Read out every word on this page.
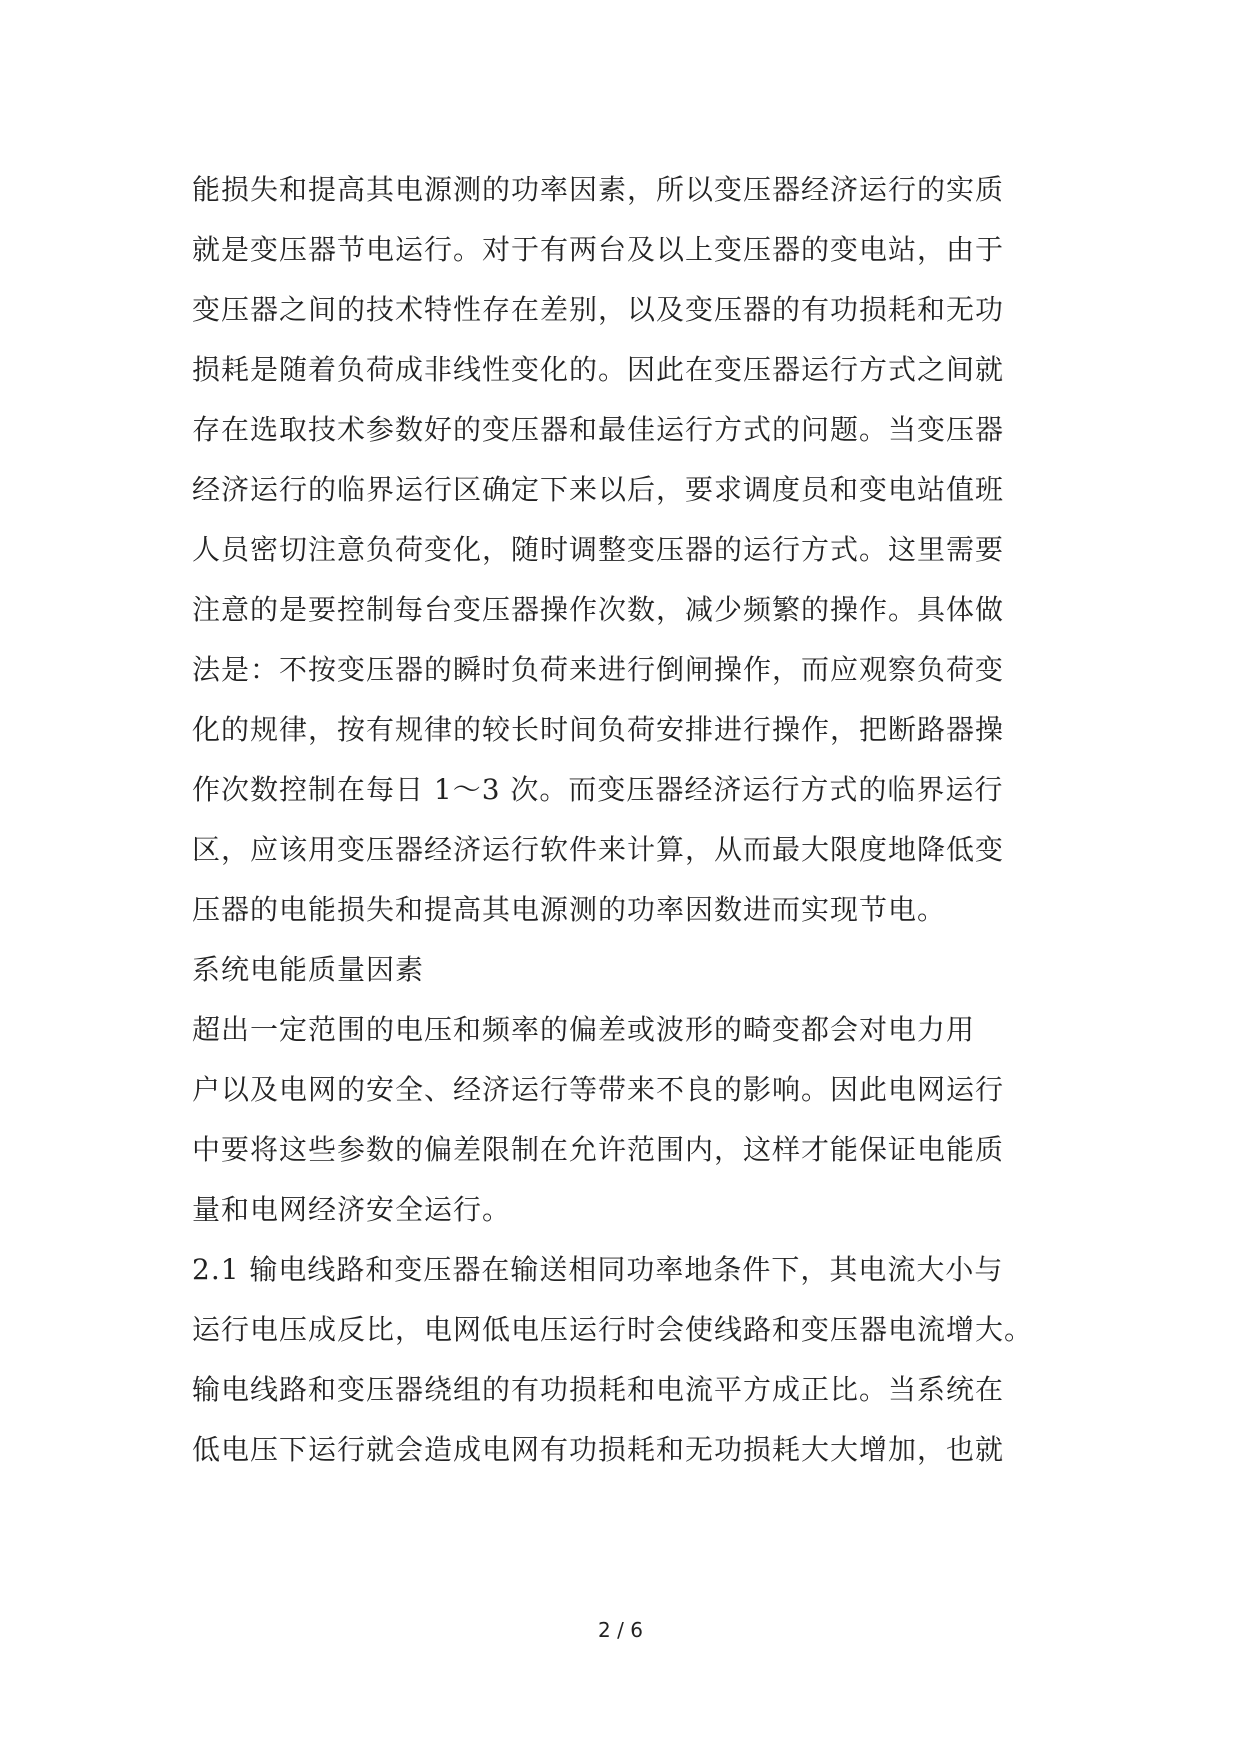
能损失和提高其电源测的功率因素，所以变压器经济运行的实质
就是变压器节电运行。对于有两台及以上变压器的变电站，由于
变压器之间的技术特性存在差别，以及变压器的有功损耗和无功
损耗是随着负荷成非线性变化的。因此在变压器运行方式之间就
存在选取技术参数好的变压器和最佳运行方式的问题。当变压器
经济运行的临界运行区确定下来以后，要求调度员和变电站值班
人员密切注意负荷变化，随时调整变压器的运行方式。这里需要
注意的是要控制每台变压器操作次数，减少频繁的操作。具体做
法是：不按变压器的瞬时负荷来进行倒闸操作，而应观察负荷变
化的规律，按有规律的较长时间负荷安排进行操作，把断路器操
作次数控制在每日 1～3 次。而变压器经济运行方式的临界运行
区，应该用变压器经济运行软件来计算，从而最大限度地降低变
压器的电能损失和提高其电源测的功率因数进而实现节电。
系统电能质量因素
超出一定范围的电压和频率的偏差或波形的畸变都会对电力用
户以及电网的安全、经济运行等带来不良的影响。因此电网运行
中要将这些参数的偏差限制在允许范围内，这样才能保证电能质
量和电网经济安全运行。
2.1 输电线路和变压器在输送相同功率地条件下，其电流大小与
运行电压成反比，电网低电压运行时会使线路和变压器电流增大。
输电线路和变压器绕组的有功损耗和电流平方成正比。当系统在
低电压下运行就会造成电网有功损耗和无功损耗大大增加，也就
2 / 6
